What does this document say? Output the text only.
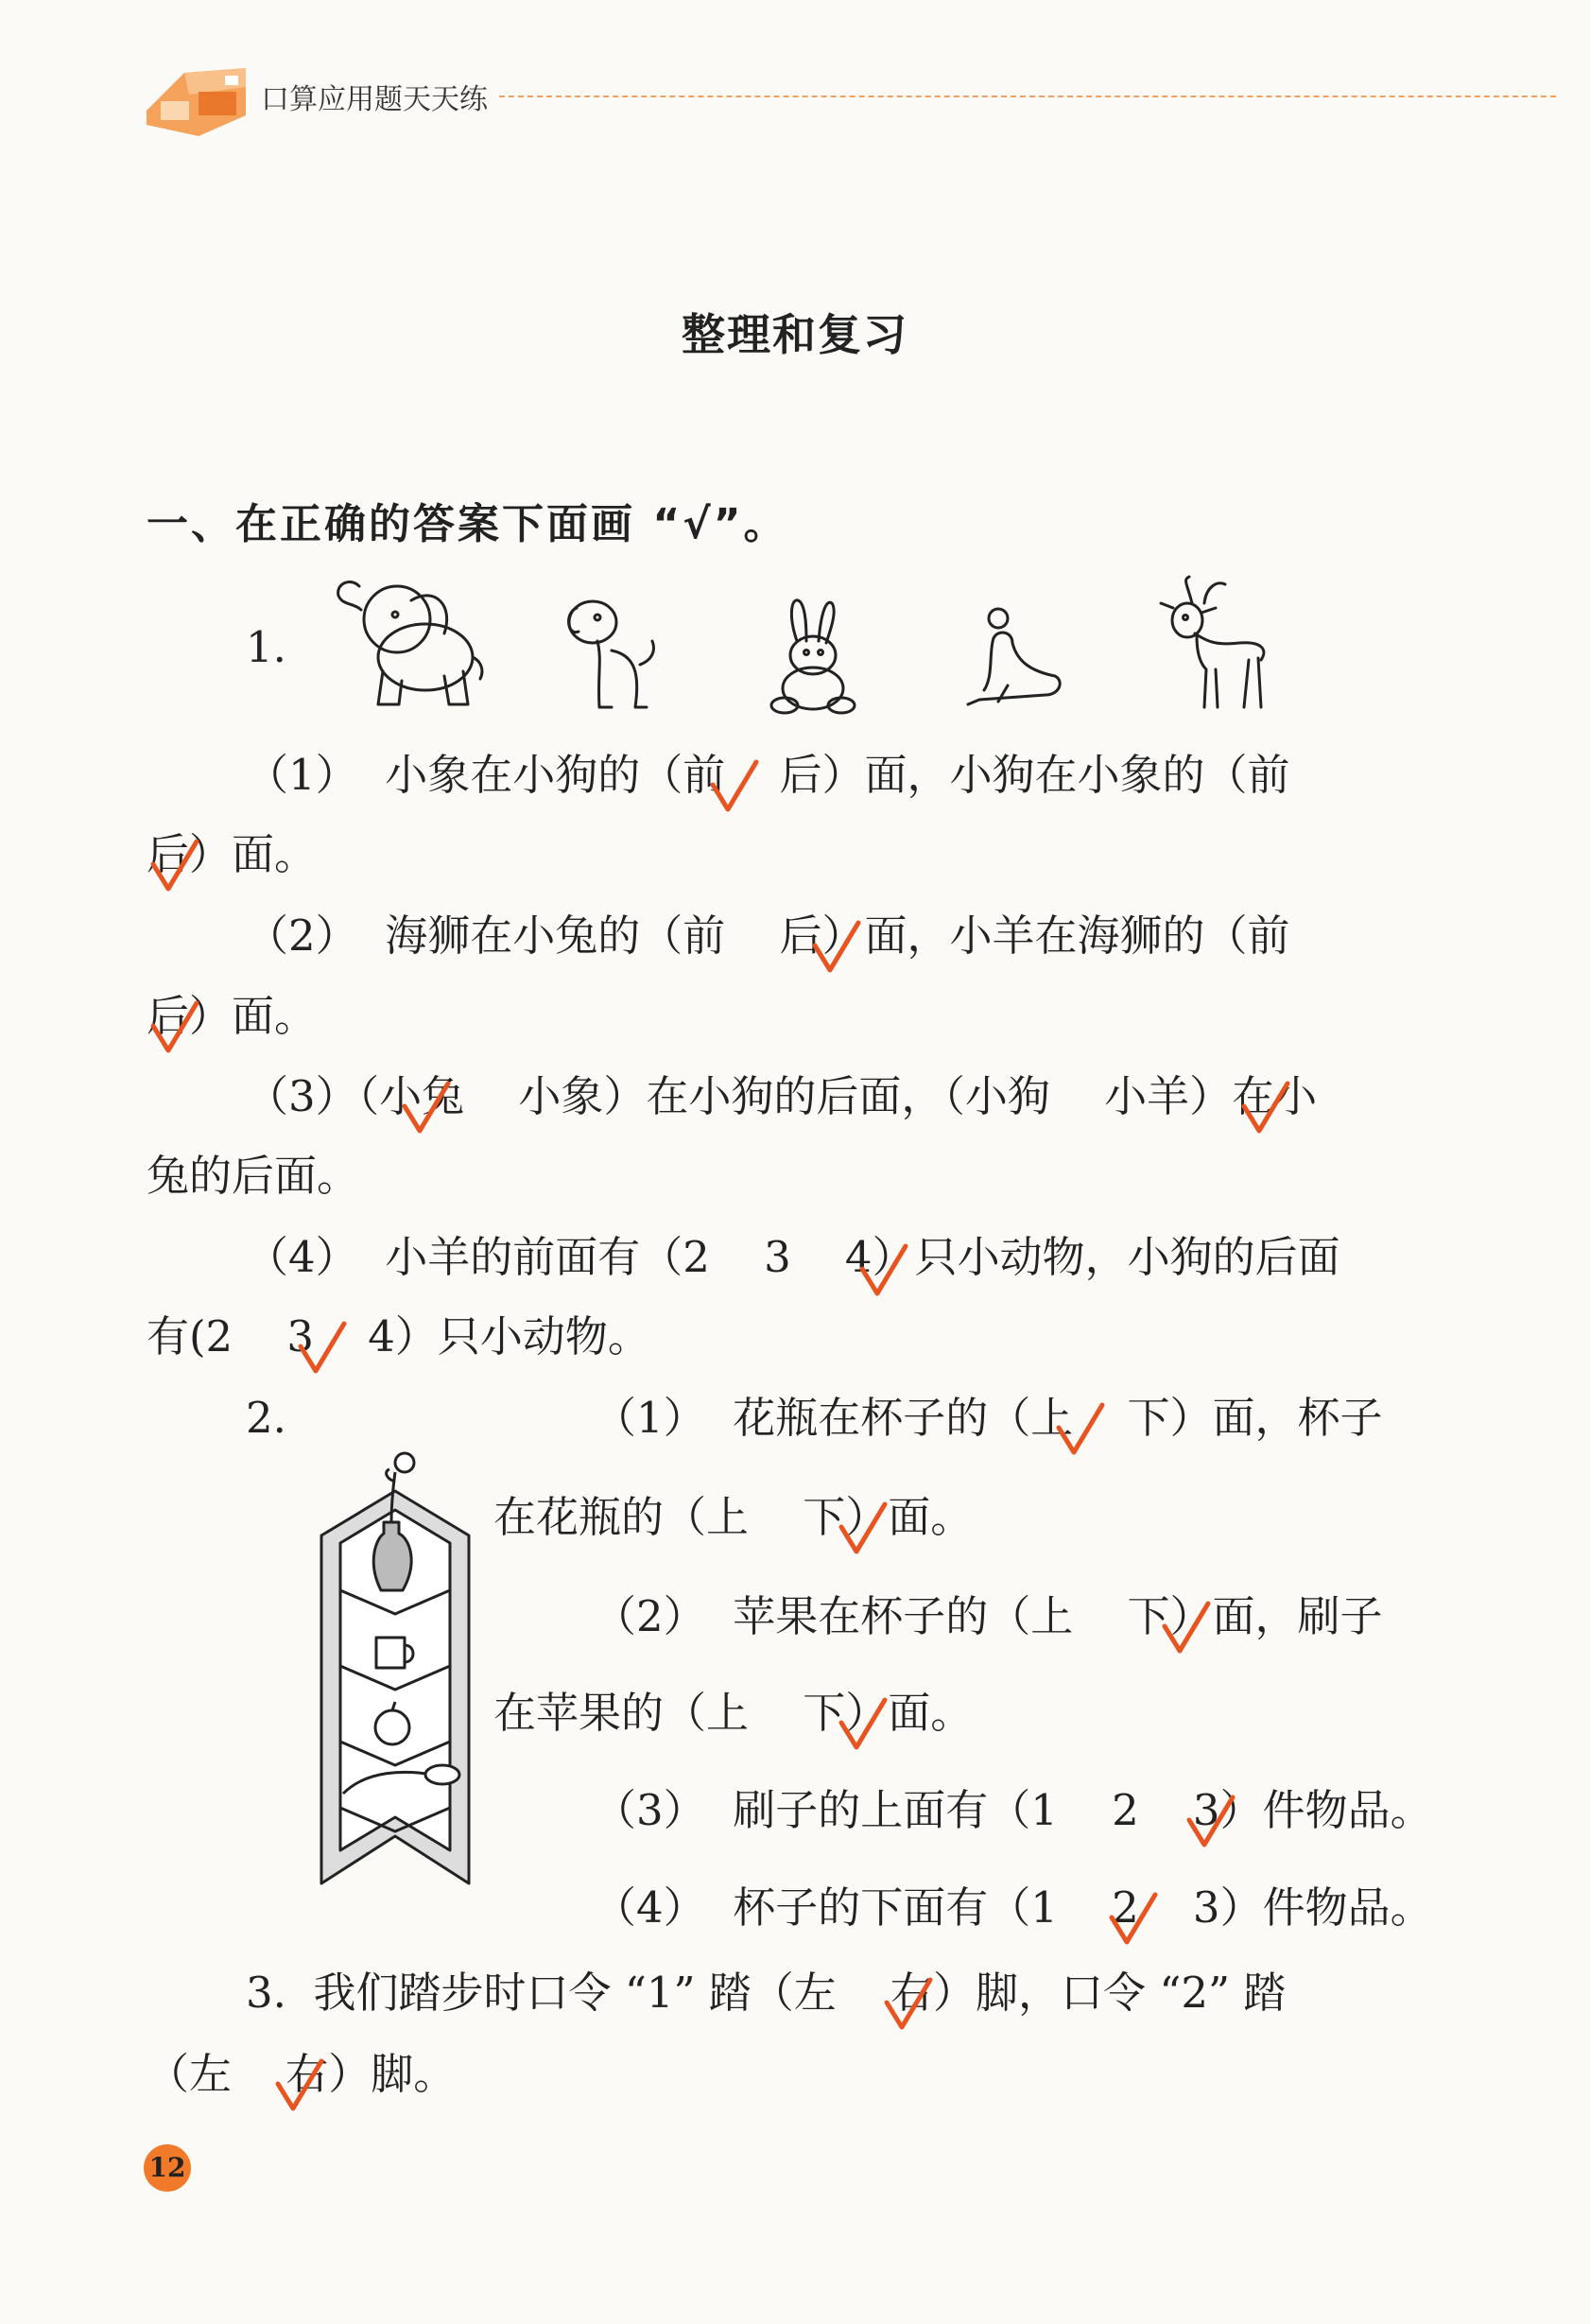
口算应用题天天练
整理和复习
一、在正确的答案下面画 “√”。
1.
（1）  小象在小狗的（前    后）面，小狗在小象的（前
后）面。
（2）  海狮在小兔的（前    后）面，小羊在海狮的（前
后）面。
（3）（小兔    小象）在小狗的后面，（小狗    小羊）在小
兔的后面。
（4）  小羊的前面有（2    3    4）只小动物，小狗的后面
有(2    3    4）只小动物。
2.	（1）  花瓶在杯子的（上    下）面，杯子
在花瓶的（上    下）面。
（2）  苹果在杯子的（上    下）面，刷子
在苹果的（上    下）面。
（3）  刷子的上面有（1    2    3）件物品。
（4）  杯子的下面有（1    2    3）件物品。
3.  我们踏步时口令 “1” 踏（左    右）脚，口令 “2” 踏
（左    右）脚。
12
